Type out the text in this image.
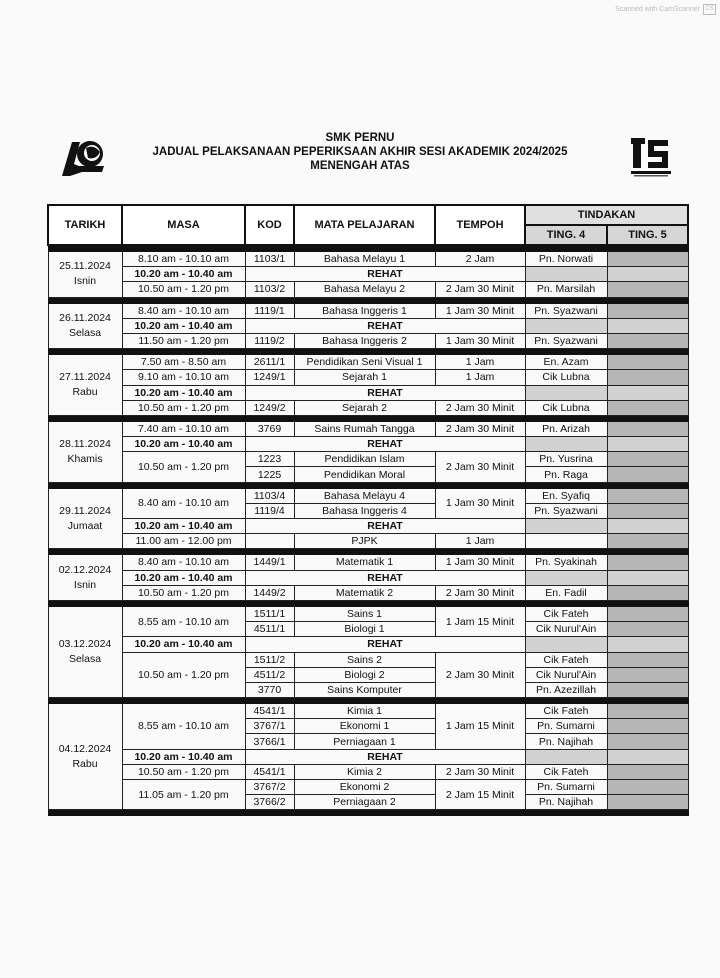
Scanned with CamScanner CS
SMK PERNU
JADUAL PELAKSANAAN PEPERIKSAAN AKHIR SESI AKADEMIK 2024/2025
MENENGAH ATAS
TARIKH	MASA	KOD	MATA PELAJARAN	TEMPOH	TINDAKAN	
					TING. 4	TING. 5

25.11.2024
Isnin	8.10 am - 10.10 am	1103/1	Bahasa Melayu 1	2 Jam	Pn. Norwati	
	10.20 am - 10.40 am	REHAT				
	10.50 am - 1.20 pm	1103/2	Bahasa Melayu 2	2 Jam 30 Minit	Pn. Marsilah	

26.11.2024
Selasa	8.40 am - 10.10 am	1119/1	Bahasa Inggeris 1	1 Jam 30 Minit	Pn. Syazwani	
	10.20 am - 10.40 am	REHAT				
	11.50 am - 1.20 pm	1119/2	Bahasa Inggeris 2	1 Jam 30 Minit	Pn. Syazwani	

27.11.2024
Rabu	7.50 am - 8.50 am	2611/1	Pendidikan Seni Visual 1	1 Jam	En. Azam	
	9.10 am - 10.10 am	1249/1	Sejarah 1	1 Jam	Cik Lubna	
	10.20 am - 10.40 am	REHAT				
	10.50 am - 1.20 pm	1249/2	Sejarah 2	2 Jam 30 Minit	Cik Lubna	

28.11.2024
Khamis	7.40 am - 10.10 am	3769	Sains Rumah Tangga	2 Jam 30 Minit	Pn. Arizah	
	10.20 am - 10.40 am	REHAT				
	10.50 am - 1.20 pm	1223	Pendidikan Islam	2 Jam 30 Minit	Pn. Yusrina	
		1225	Pendidikan Moral		Pn. Raga	

29.11.2024
Jumaat	8.40 am - 10.10 am	1103/4	Bahasa Melayu 4	1 Jam 30 Minit	En. Syafiq	
		1119/4	Bahasa Inggeris 4		Pn. Syazwani	
	10.20 am - 10.40 am	REHAT				
	11.00 am - 12.00 pm		PJPK	1 Jam		

02.12.2024
Isnin	8.40 am - 10.10 am	1449/1	Matematik 1	1 Jam 30 Minit	Pn. Syakinah	
	10.20 am - 10.40 am	REHAT				
	10.50 am - 1.20 pm	1449/2	Matematik 2	2 Jam 30 Minit	En. Fadil	

03.12.2024
Selasa	8.55 am - 10.10 am	1511/1	Sains 1	1 Jam 15 Minit	Cik Fateh	
		4511/1	Biologi 1		Cik Nurul'Ain	
	10.20 am - 10.40 am	REHAT				
	10.50 am - 1.20 pm	1511/2	Sains 2	2 Jam 30 Minit	Cik Fateh	
		4511/2	Biologi 2		Cik Nurul'Ain	
		3770	Sains Komputer		Pn. Azezillah	

04.12.2024
Rabu	8.55 am - 10.10 am	4541/1	Kimia 1	1 Jam 15 Minit	Cik Fateh	
		3767/1	Ekonomi 1		Pn. Sumarni	
		3766/1	Perniagaan 1		Pn. Najihah	
	10.20 am - 10.40 am	REHAT				
	10.50 am - 1.20 pm	4541/1	Kimia 2	2 Jam 30 Minit	Cik Fateh	
	11.05 am - 1.20 pm	3767/2	Ekonomi 2	2 Jam 15 Minit	Pn. Sumarni	
		3766/2	Perniagaan 2		Pn. Najihah	
